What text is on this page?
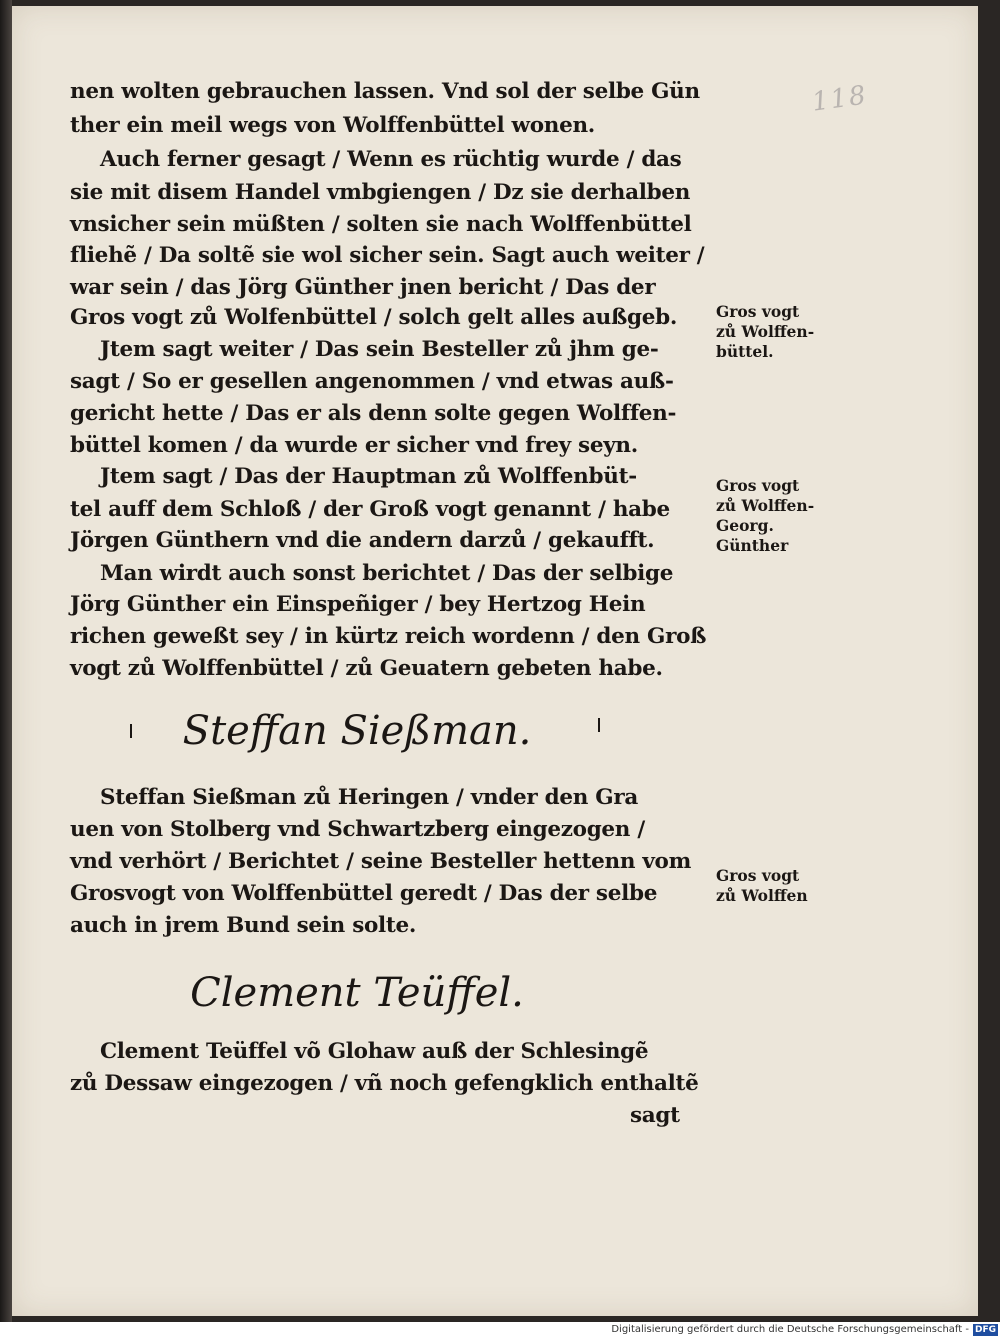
118
nen wolten gebrauchen lassen. Vnd sol der selbe Gün
ther ein meil wegs von Wolffenbüttel wonen.
Auch ferner gesagt / Wenn es rüchtig wurde / das
sie mit disem Handel vmbgiengen / Dz sie derhalben
vnsicher sein müßten / solten sie nach Wolffenbüttel
fliehẽ / Da soltẽ sie wol sicher sein. Sagt auch weiter /
war sein / das Jörg Günther jnen bericht / Das der
Gros vogt zů Wolfenbüttel / solch gelt alles außgeb.
Jtem sagt weiter / Das sein Besteller zů jhm ge-
sagt / So er gesellen angenommen / vnd etwas auß-
gericht hette / Das er als denn solte gegen Wolffen-
büttel komen / da wurde er sicher vnd frey seyn.
Jtem sagt / Das der Hauptman zů Wolffenbüt-
tel auff dem Schloß / der Groß vogt genannt / habe
Jörgen Günthern vnd die andern darzů / gekaufft.
Man wirdt auch sonst berichtet / Das der selbige
Jörg Günther ein Einspeñiger / bey Hertzog Hein
richen geweßt sey / in kürtz reich wordenn / den Groß
vogt zů Wolffenbüttel / zů Geuatern gebeten habe.
Steffan Sießman.
Steffan Sießman zů Heringen / vnder den Gra
uen von Stolberg vnd Schwartzberg eingezogen /
vnd verhört / Berichtet / seine Besteller hettenn vom
Grosvogt von Wolffenbüttel geredt / Das der selbe
auch in jrem Bund sein solte.
Clement Teüffel.
Clement Teüffel võ Glohaw auß der Schlesingẽ
zů Dessaw eingezogen / vñ noch gefengklich enthaltẽ
sagt
Gros vogt
zů Wolffen-
büttel.
Gros vogt
zů Wolffen-
Georg.
Günther
Gros vogt
zů Wolffen
Digitalisierung gefördert durch die Deutsche Forschungsgemeinschaft - DFG
